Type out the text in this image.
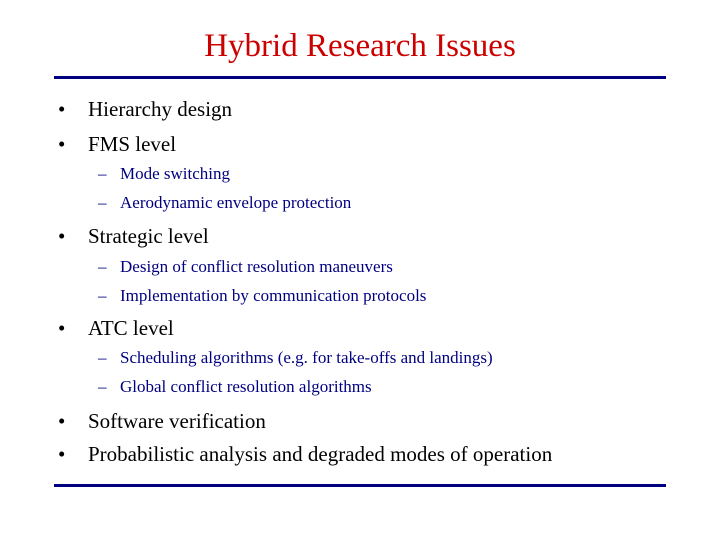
Hybrid Research Issues
• Hierarchy design
• FMS level
– Mode switching
– Aerodynamic envelope protection
• Strategic level
– Design of conflict resolution maneuvers
– Implementation by communication protocols
• ATC level
– Scheduling algorithms (e.g. for take-offs and landings)
– Global conflict resolution algorithms
• Software verification
• Probabilistic analysis and degraded modes of operation
